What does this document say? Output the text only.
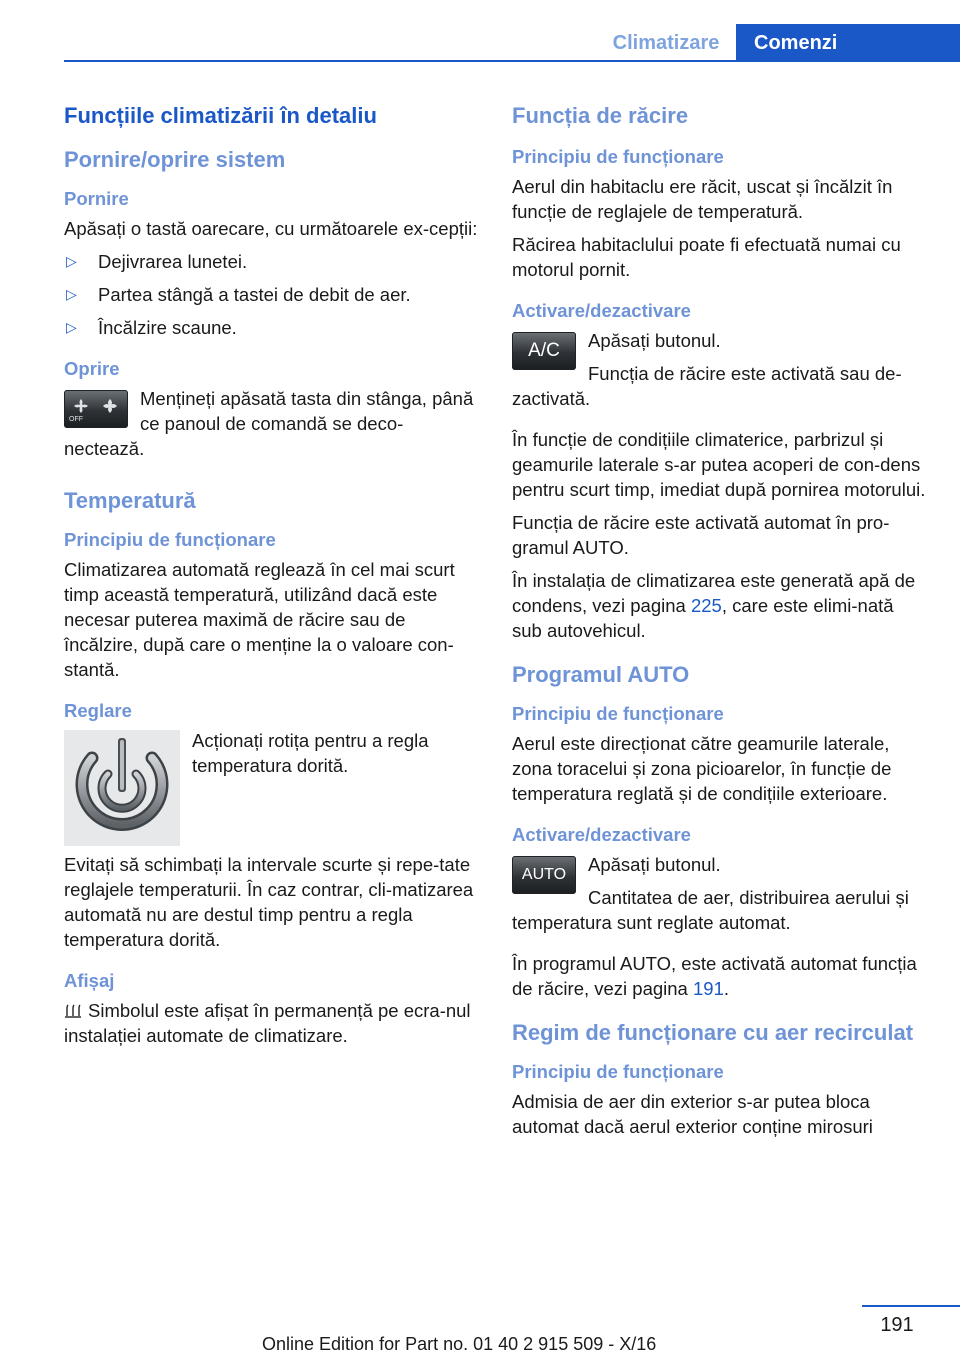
Climatizare	Comenzi
Funcțiile climatizării în detaliu
Pornire/oprire sistem
Pornire

Apăsați o tastă oarecare, cu următoarele ex-cepții:

▷ Dejivrarea lunetei.
▷ Partea stângă a tastei de debit de aer.
▷ Încălzire scaune.
Oprire
OFF

Mențineți apăsată tasta din stânga, până ce panoul de comandă se deco-nectează.

Temperatură
Principiu de funcționare

Climatizarea automată reglează în cel mai scurt timp această temperatură, utilizând dacă este necesar puterea maximă de răcire sau de încălzire, după care o menține la o valoare con-stantă.

Reglare

Acționați rotița pentru a regla temperatura dorită.

Evitați să schimbați la intervale scurte și repe-tate reglajele temperaturii. În caz contrar, cli-matizarea automată nu are destul timp pentru a regla temperatura dorită.

Afișaj

Simbolul este afișat în permanență pe ecra-nul instalației automate de climatizare.

Funcția de răcire
Principiu de funcționare

Aerul din habitaclu ere răcit, uscat și încălzit în funcție de reglajele de temperatură.

Răcirea habitaclului poate fi efectuată numai cu motorul pornit.

Activare/dezactivare
A/C	Apăsați butonul.

Funcția de răcire este activată sau de-zactivată.

În funcție de condițiile climaterice, parbrizul și geamurile laterale s-ar putea acoperi de con-dens pentru scurt timp, imediat după pornirea motorului.

Funcția de răcire este activată automat în pro-gramul AUTO.

În instalația de climatizarea este generată apă de condens, vezi pagina 225, care este elimi-nată sub autovehicul.

Programul AUTO
Principiu de funcționare

Aerul este direcționat către geamurile laterale, zona toracelui și zona picioarelor, în funcție de temperatura reglată și de condițiile exterioare.

Activare/dezactivare
AUTO	Apăsați butonul.

Cantitatea de aer, distribuirea aerului și temperatura sunt reglate automat.

În programul AUTO, este activată automat funcția de răcire, vezi pagina 191.

Regim de funcționare cu aer recirculat
Principiu de funcționare

Admisia de aer din exterior s-ar putea bloca automat dacă aerul exterior conține mirosuri

191
Online Edition for Part no. 01 40 2 915 509 - X/16
